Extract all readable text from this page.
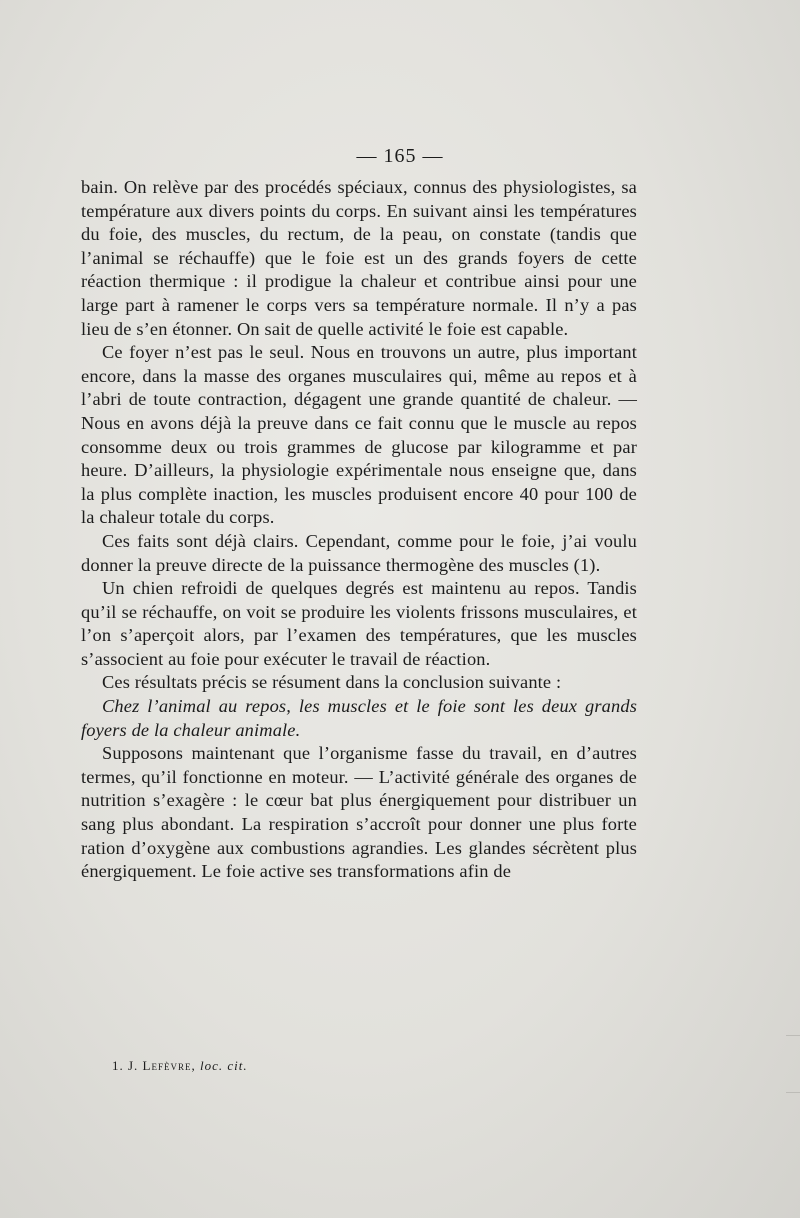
— 165 —

bain. On relève par des procédés spéciaux, connus des physiologistes, sa température aux divers points du corps. En suivant ainsi les températures du foie, des muscles, du rectum, de la peau, on constate (tandis que l’animal se réchauffe) que le foie est un des grands foyers de cette réaction thermique : il prodigue la chaleur et contribue ainsi pour une large part à ramener le corps vers sa température normale. Il n’y a pas lieu de s’en étonner. On sait de quelle activité le foie est capable.

Ce foyer n’est pas le seul. Nous en trouvons un autre, plus important encore, dans la masse des organes musculaires qui, même au repos et à l’abri de toute contraction, dégagent une grande quantité de chaleur. — Nous en avons déjà la preuve dans ce fait connu que le muscle au repos consomme deux ou trois grammes de glucose par kilogramme et par heure. D’ailleurs, la physiologie expérimentale nous enseigne que, dans la plus complète inaction, les muscles produisent encore 40 pour 100 de la chaleur totale du corps.

Ces faits sont déjà clairs. Cependant, comme pour le foie, j’ai voulu donner la preuve directe de la puissance thermogène des muscles (1).

Un chien refroidi de quelques degrés est maintenu au repos. Tandis qu’il se réchauffe, on voit se produire les violents frissons musculaires, et l’on s’aperçoit alors, par l’examen des températures, que les muscles s’associent au foie pour exécuter le travail de réaction.

Ces résultats précis se résument dans la conclusion suivante :

Chez l’animal au repos, les muscles et le foie sont les deux grands foyers de la chaleur animale.

Supposons maintenant que l’organisme fasse du travail, en d’autres termes, qu’il fonctionne en moteur. — L’activité générale des organes de nutrition s’exagère : le cœur bat plus énergiquement pour distribuer un sang plus abondant. La respiration s’accroît pour donner une plus forte ration d’oxygène aux combustions agrandies. Les glandes sécrètent plus énergiquement. Le foie active ses transformations afin de

1. J. Lefèvre, loc. cit.
